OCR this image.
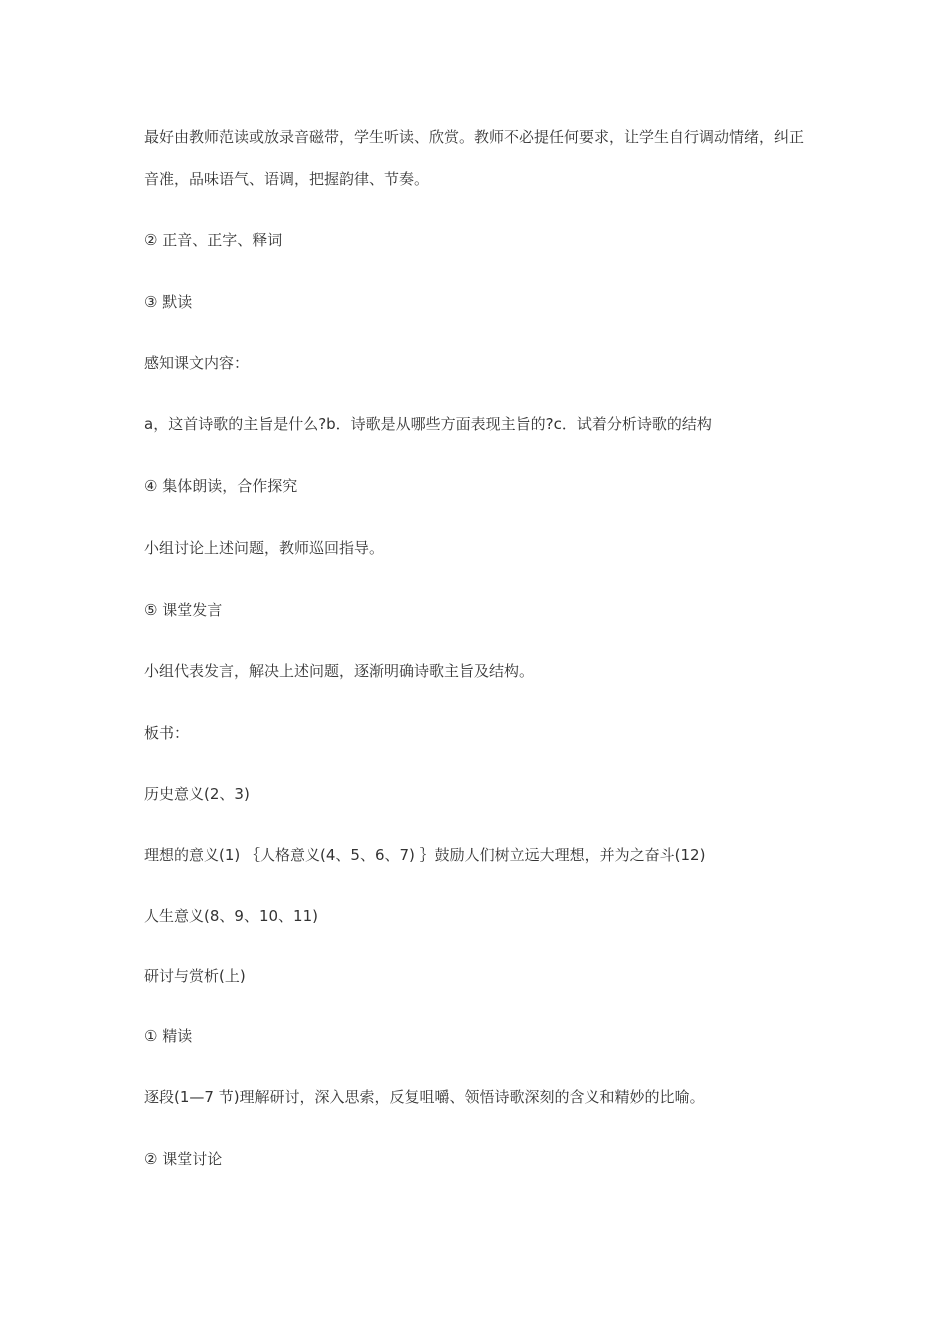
最好由教师范读或放录音磁带，学生听读、欣赏。教师不必提任何要求，让学生自行调动情绪，纠正音准，品味语气、语调，把握韵律、节奏。

② 正音、正字、释词

③ 默读

感知课文内容：

a，这首诗歌的主旨是什么?b．诗歌是从哪些方面表现主旨的?c．试着分析诗歌的结构

④ 集体朗读，合作探究

小组讨论上述问题，教师巡回指导。

⑤ 课堂发言

小组代表发言，解决上述问题，逐渐明确诗歌主旨及结构。

板书：

历史意义(2、3)

理想的意义(1) ｛人格意义(4、5、6、7) ｝鼓励人们树立远大理想，并为之奋斗(12)

人生意义(8、9、10、11)

研讨与赏析(上)

① 精读

逐段(1—7 节)理解研讨，深入思索，反复咀嚼、领悟诗歌深刻的含义和精妙的比喻。

② 课堂讨论
